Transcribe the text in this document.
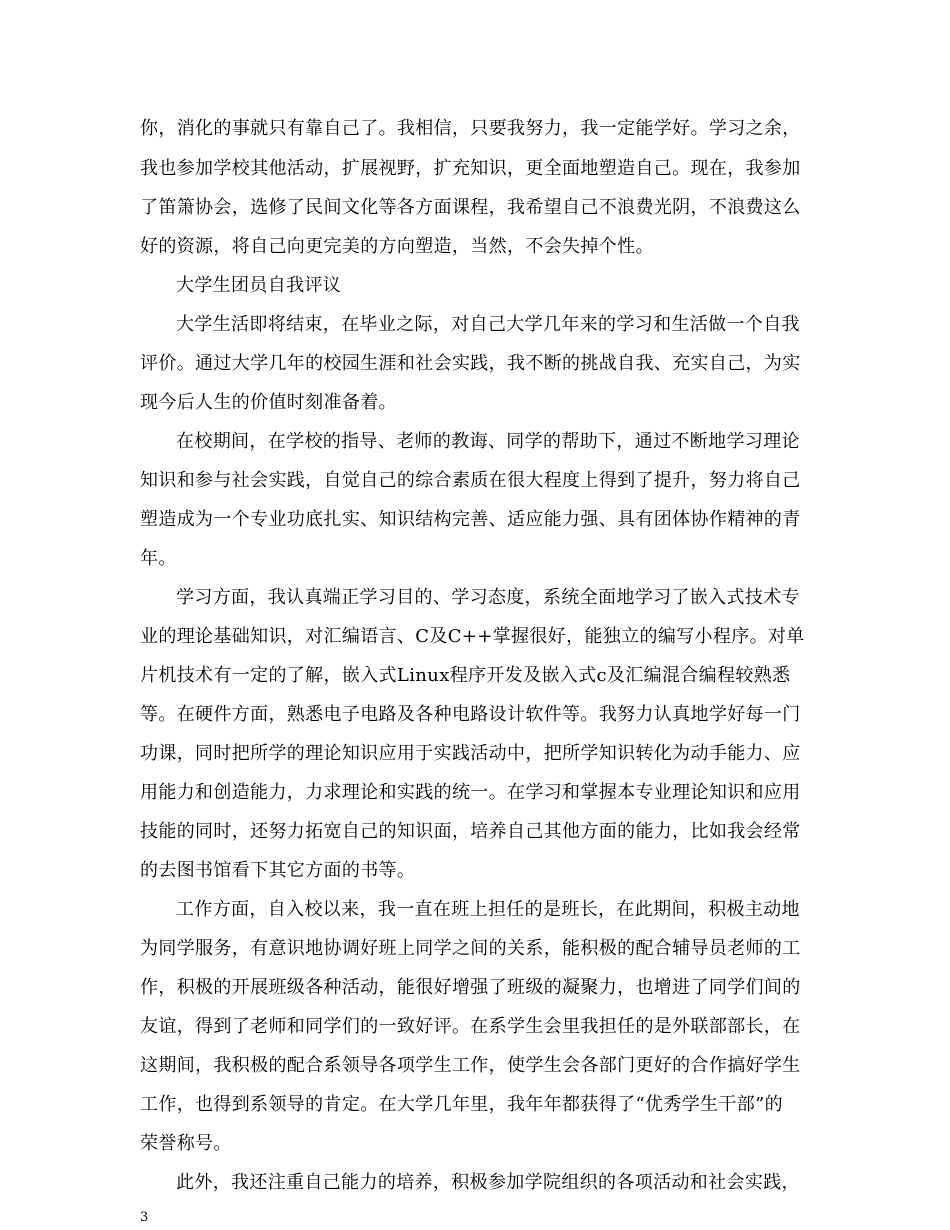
你，消化的事就只有靠自己了。我相信，只要我努力，我一定能学好。学习之余，
我也参加学校其他活动，扩展视野，扩充知识，更全面地塑造自己。现在，我参加
了笛箫协会，选修了民间文化等各方面课程，我希望自己不浪费光阴，不浪费这么
好的资源，将自己向更完美的方向塑造，当然，不会失掉个性。
大学生团员自我评议
大学生活即将结束，在毕业之际，对自己大学几年来的学习和生活做一个自我
评价。通过大学几年的校园生涯和社会实践，我不断的挑战自我、充实自己，为实
现今后人生的价值时刻准备着。
在校期间，在学校的指导、老师的教诲、同学的帮助下，通过不断地学习理论
知识和参与社会实践，自觉自己的综合素质在很大程度上得到了提升，努力将自己
塑造成为一个专业功底扎实、知识结构完善、适应能力强、具有团体协作精神的青
年。
学习方面，我认真端正学习目的、学习态度，系统全面地学习了嵌入式技术专
业的理论基础知识，对汇编语言、C及C++掌握很好，能独立的编写小程序。对单
片机技术有一定的了解，嵌入式Linux程序开发及嵌入式c及汇编混合编程较熟悉
等。在硬件方面，熟悉电子电路及各种电路设计软件等。我努力认真地学好每一门
功课，同时把所学的理论知识应用于实践活动中，把所学知识转化为动手能力、应
用能力和创造能力，力求理论和实践的统一。在学习和掌握本专业理论知识和应用
技能的同时，还努力拓宽自己的知识面，培养自己其他方面的能力，比如我会经常
的去图书馆看下其它方面的书等。
工作方面，自入校以来，我一直在班上担任的是班长，在此期间，积极主动地
为同学服务，有意识地协调好班上同学之间的关系，能积极的配合辅导员老师的工
作，积极的开展班级各种活动，能很好增强了班级的凝聚力，也增进了同学们间的
友谊，得到了老师和同学们的一致好评。在系学生会里我担任的是外联部部长，在
这期间，我积极的配合系领导各项学生工作，使学生会各部门更好的合作搞好学生
工作，也得到系领导的肯定。在大学几年里，我年年都获得了“优秀学生干部”的
荣誉称号。
此外，我还注重自己能力的培养，积极参加学院组织的各项活动和社会实践，
3
